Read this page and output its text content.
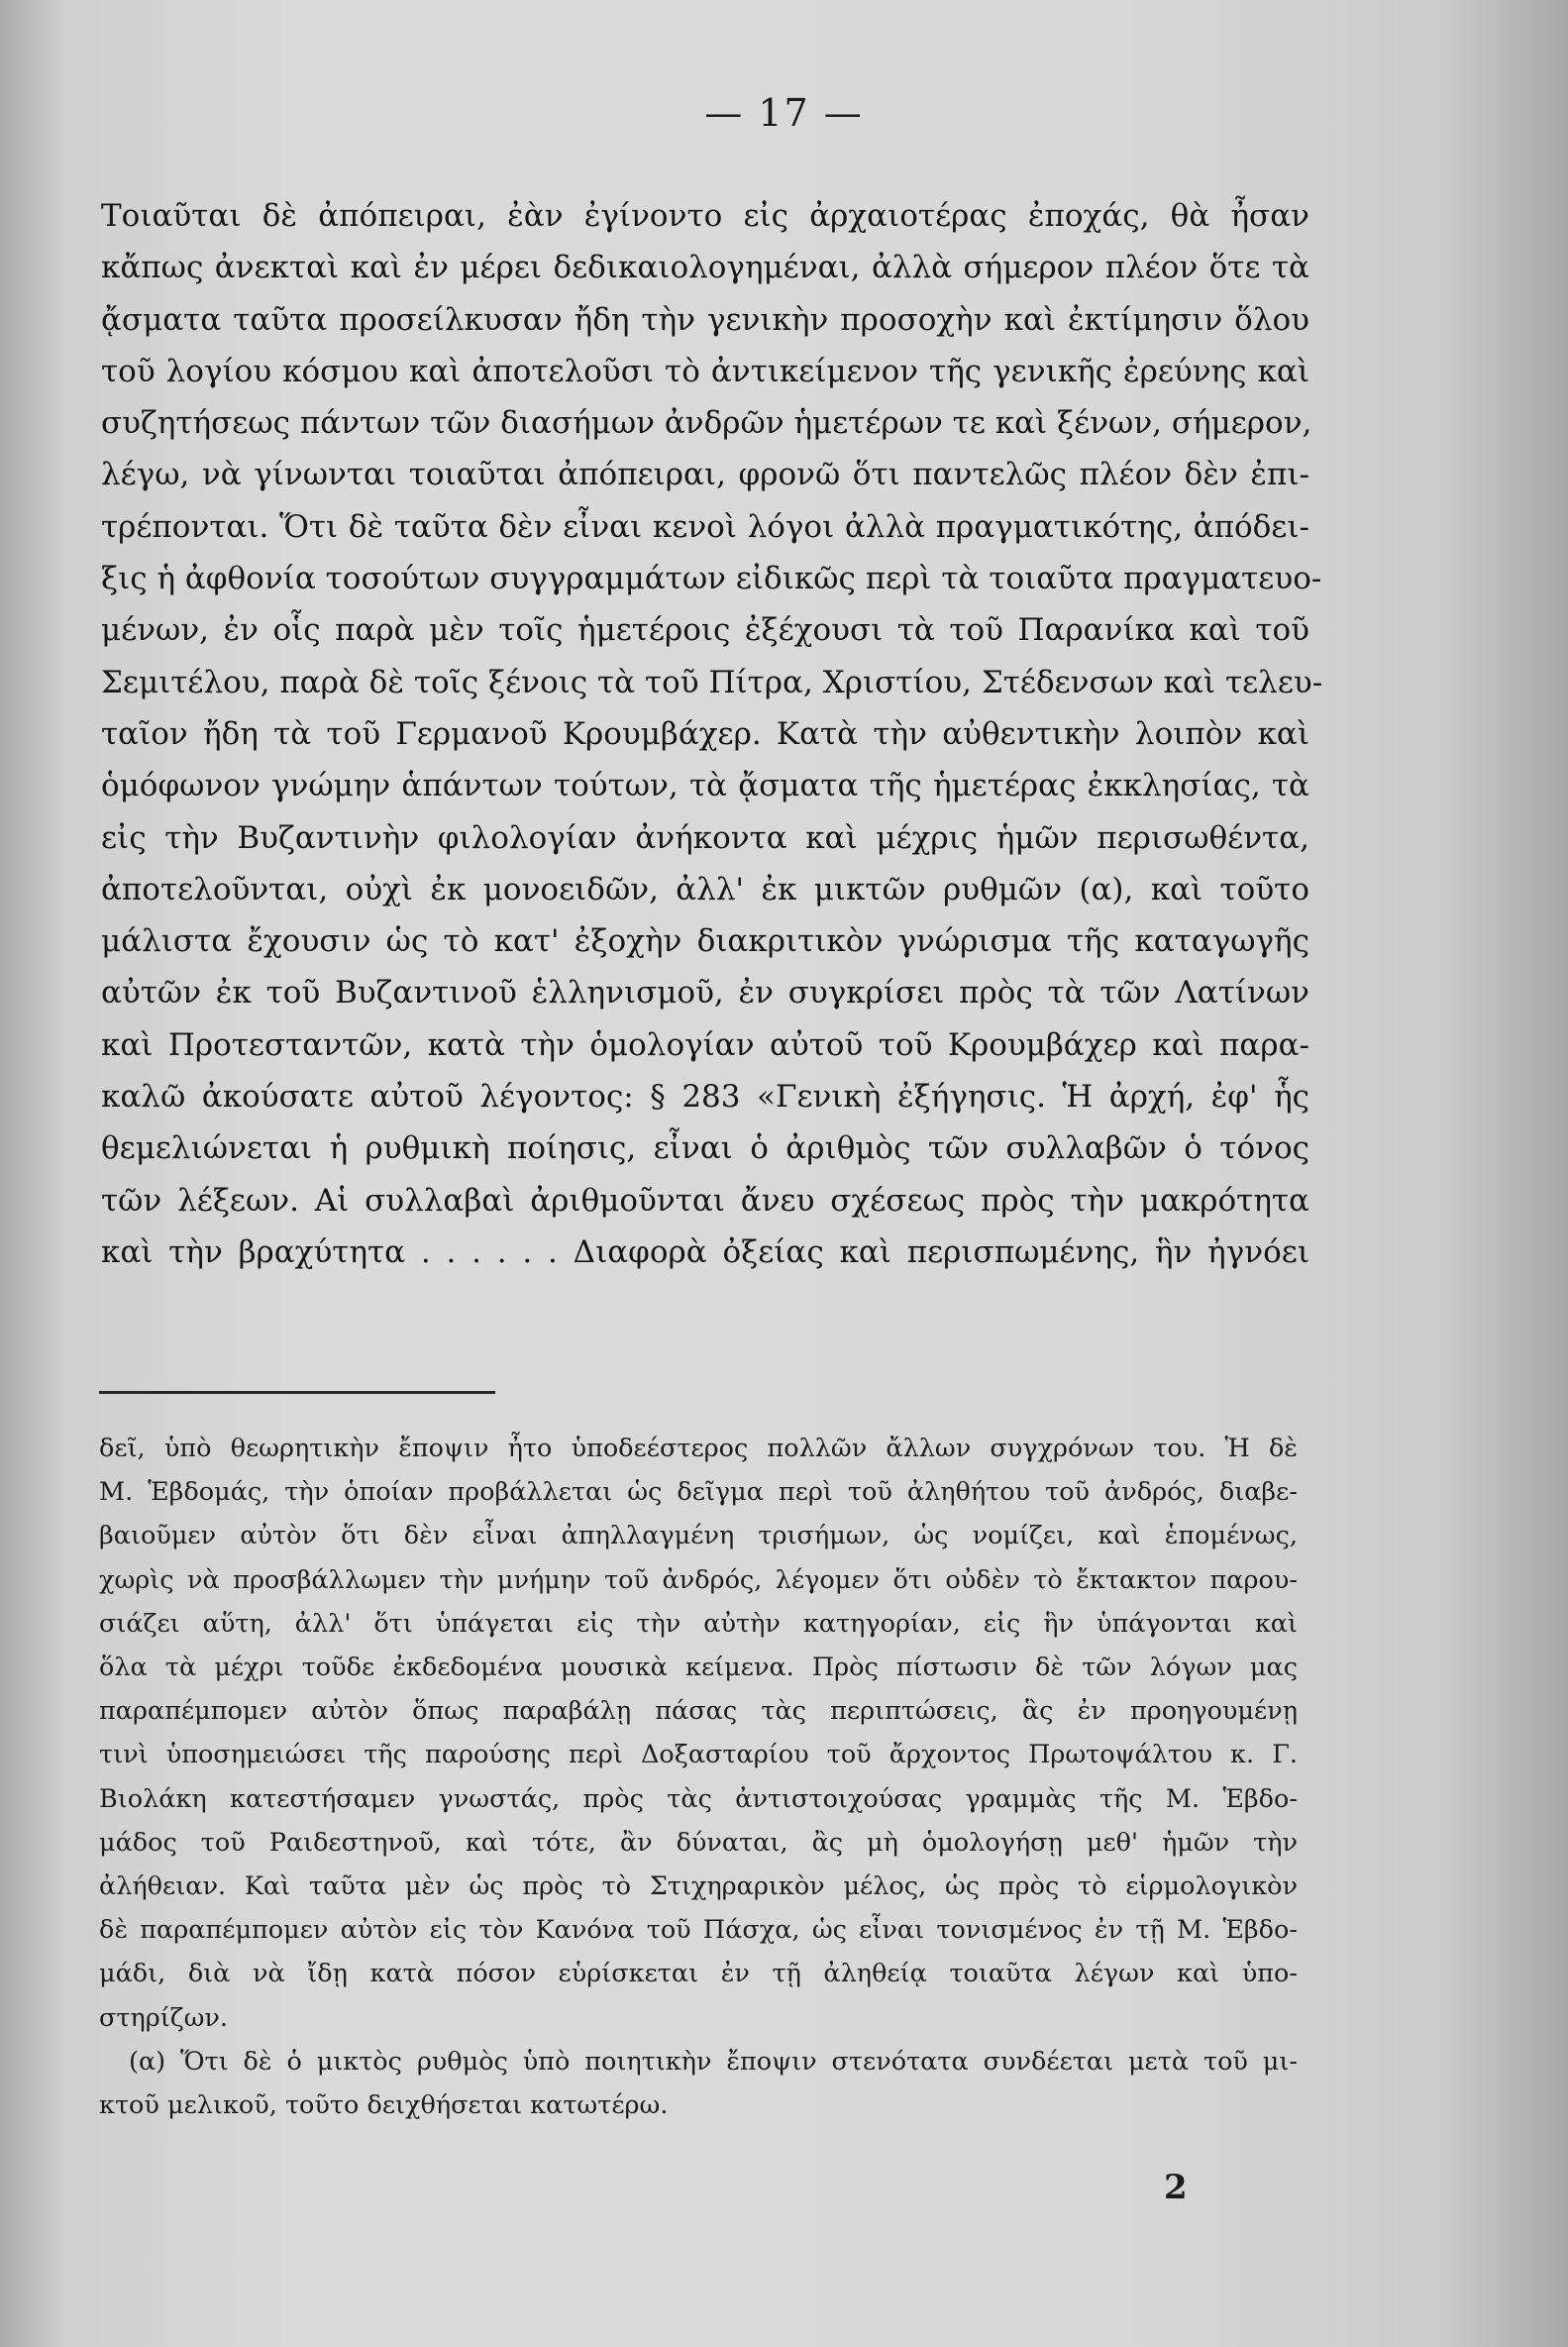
— 17 —
Τοιαῦται δὲ ἀπόπειραι, ἐὰν ἐγίνοντο εἰς ἀρχαιοτέρας ἐποχάς, θὰ ἦσαν
κἄπως ἀνεκταὶ καὶ ἐν μέρει δεδικαιολογημέναι, ἀλλὰ σήμερον πλέον ὅτε τὰ
ᾄσματα ταῦτα προσείλκυσαν ἤδη τὴν γενικὴν προσοχὴν καὶ ἐκτίμησιν ὅλου
τοῦ λογίου κόσμου καὶ ἀποτελοῦσι τὸ ἀντικείμενον τῆς γενικῆς ἐρεύνης καὶ
συζητήσεως πάντων τῶν διασήμων ἀνδρῶν ἡμετέρων τε καὶ ξένων, σήμερον,
λέγω, νὰ γίνωνται τοιαῦται ἀπόπειραι, φρονῶ ὅτι παντελῶς πλέον δὲν ἐπι-
τρέπονται. Ὅτι δὲ ταῦτα δὲν εἶναι κενοὶ λόγοι ἀλλὰ πραγματικότης, ἀπόδει-
ξις ἡ ἀφθονία τοσούτων συγγραμμάτων εἰδικῶς περὶ τὰ τοιαῦτα πραγματευο-
μένων, ἐν οἷς παρὰ μὲν τοῖς ἡμετέροις ἐξέχουσι τὰ τοῦ Παρανίκα καὶ τοῦ
Σεμιτέλου, παρὰ δὲ τοῖς ξένοις τὰ τοῦ Πίτρα, Χριστίου, Στέδενσων καὶ τελευ-
ταῖον ἤδη τὰ τοῦ Γερμανοῦ Κρουμβάχερ. Κατὰ τὴν αὐθεντικὴν λοιπὸν καὶ
ὁμόφωνον γνώμην ἁπάντων τούτων, τὰ ᾄσματα τῆς ἡμετέρας ἐκκλησίας, τὰ
εἰς τὴν Βυζαντινὴν φιλολογίαν ἀνήκοντα καὶ μέχρις ἡμῶν περισωθέντα,
ἀποτελοῦνται, οὐχὶ ἐκ μονοειδῶν, ἀλλ' ἐκ μικτῶν ρυθμῶν (α), καὶ τοῦτο
μάλιστα ἔχουσιν ὡς τὸ κατ' ἐξοχὴν διακριτικὸν γνώρισμα τῆς καταγωγῆς
αὐτῶν ἐκ τοῦ Βυζαντινοῦ ἑλληνισμοῦ, ἐν συγκρίσει πρὸς τὰ τῶν Λατίνων
καὶ Προτεσταντῶν, κατὰ τὴν ὁμολογίαν αὐτοῦ τοῦ Κρουμβάχερ καὶ παρα-
καλῶ ἀκούσατε αὐτοῦ λέγοντος: § 283 «Γενικὴ ἐξήγησις. Ἡ ἀρχή, ἐφ' ἧς
θεμελιώνεται ἡ ρυθμικὴ ποίησις, εἶναι ὁ ἀριθμὸς τῶν συλλαβῶν ὁ τόνος
τῶν λέξεων. Αἱ συλλαβαὶ ἀριθμοῦνται ἄνευ σχέσεως πρὸς τὴν μακρότητα
καὶ τὴν βραχύτητα . . . . . . Διαφορὰ ὀξείας καὶ περισπωμένης, ἣν ἠγνόει
δεῖ, ὑπὸ θεωρητικὴν ἔποψιν ἦτο ὑποδεέστερος πολλῶν ἄλλων συγχρόνων του. Ἡ δὲ
Μ. Ἑβδομάς, τὴν ὁποίαν προβάλλεται ὡς δεῖγμα περὶ τοῦ ἀληθήτου τοῦ ἀνδρός, διαβε-
βαιοῦμεν αὐτὸν ὅτι δὲν εἶναι ἀπηλλαγμένη τρισήμων, ὡς νομίζει, καὶ ἑπομένως,
χωρὶς νὰ προσβάλλωμεν τὴν μνήμην τοῦ ἀνδρός, λέγομεν ὅτι οὐδὲν τὸ ἔκτακτον παρου-
σιάζει αὕτη, ἀλλ' ὅτι ὑπάγεται εἰς τὴν αὐτὴν κατηγορίαν, εἰς ἣν ὑπάγονται καὶ
ὅλα τὰ μέχρι τοῦδε ἐκδεδομένα μουσικὰ κείμενα. Πρὸς πίστωσιν δὲ τῶν λόγων μας
παραπέμπομεν αὐτὸν ὅπως παραβάλῃ πάσας τὰς περιπτώσεις, ἃς ἐν προηγουμένῃ
τινὶ ὑποσημειώσει τῆς παρούσης περὶ Δοξασταρίου τοῦ ἄρχοντος Πρωτοψάλτου κ. Γ.
Βιολάκη κατεστήσαμεν γνωστάς, πρὸς τὰς ἀντιστοιχούσας γραμμὰς τῆς Μ. Ἑβδο-
μάδος τοῦ Ραιδεστηνοῦ, καὶ τότε, ἂν δύναται, ἂς μὴ ὁμολογήσῃ μεθ' ἡμῶν τὴν
ἀλήθειαν. Καὶ ταῦτα μὲν ὡς πρὸς τὸ Στιχηραρικὸν μέλος, ὡς πρὸς τὸ εἱρμολογικὸν
δὲ παραπέμπομεν αὐτὸν εἰς τὸν Κανόνα τοῦ Πάσχα, ὡς εἶναι τονισμένος ἐν τῇ Μ. Ἑβδο-
μάδι, διὰ νὰ ἴδῃ κατὰ πόσον εὑρίσκεται ἐν τῇ ἀληθείᾳ τοιαῦτα λέγων καὶ ὑπο-
στηρίζων.
(α) Ὅτι δὲ ὁ μικτὸς ρυθμὸς ὑπὸ ποιητικὴν ἔποψιν στενότατα συνδέεται μετὰ τοῦ μι-
κτοῦ μελικοῦ, τοῦτο δειχθήσεται κατωτέρω.
2
